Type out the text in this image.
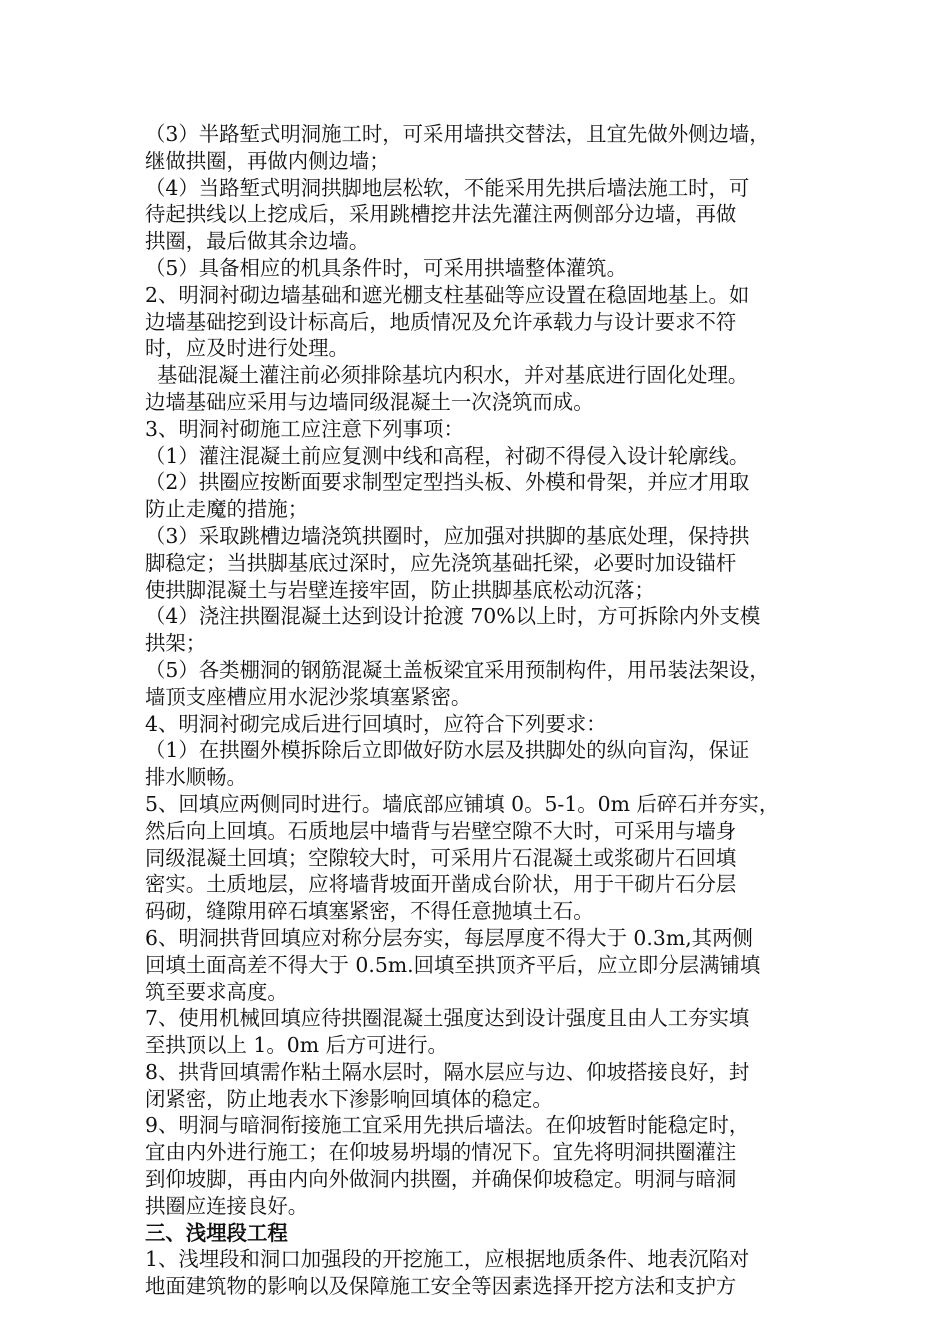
（3）半路堑式明洞施工时，可采用墙拱交替法，且宜先做外侧边墙，

继做拱圈，再做内侧边墙；

（4）当路堑式明洞拱脚地层松软，不能采用先拱后墙法施工时，可

待起拱线以上挖成后，采用跳槽挖井法先灌注两侧部分边墙，再做

拱圈，最后做其余边墙。

（5）具备相应的机具条件时，可采用拱墙整体灌筑。

2、明洞衬砌边墙基础和遮光棚支柱基础等应设置在稳固地基上。如

边墙基础挖到设计标高后，地质情况及允许承载力与设计要求不符

时，应及时进行处理。

基础混凝土灌注前必须排除基坑内积水，并对基底进行固化处理。

边墙基础应采用与边墙同级混凝土一次浇筑而成。

3、明洞衬砌施工应注意下列事项：

（1）灌注混凝土前应复测中线和高程，衬砌不得侵入设计轮廓线。

（2）拱圈应按断面要求制型定型挡头板、外模和骨架，并应才用取

防止走魔的措施；

（3）采取跳槽边墙浇筑拱圈时，应加强对拱脚的基底处理，保持拱

脚稳定；当拱脚基底过深时，应先浇筑基础托梁，必要时加设锚杆

使拱脚混凝土与岩壁连接牢固，防止拱脚基底松动沉落；

（4）浇注拱圈混凝土达到设计抢渡 70%以上时，方可拆除内外支模

拱架；

（5）各类棚洞的钢筋混凝土盖板梁宜采用预制构件，用吊装法架设，

墙顶支座槽应用水泥沙浆填塞紧密。

4、明洞衬砌完成后进行回填时，应符合下列要求：

（1）在拱圈外模拆除后立即做好防水层及拱脚处的纵向盲沟，保证

排水顺畅。

5、回填应两侧同时进行。墙底部应铺填 0。5-1。0m 后碎石并夯实，

然后向上回填。石质地层中墙背与岩壁空隙不大时，可采用与墙身

同级混凝土回填；空隙较大时，可采用片石混凝土或浆砌片石回填

密实。土质地层，应将墙背坡面开凿成台阶状，用于干砌片石分层

码砌，缝隙用碎石填塞紧密，不得任意抛填土石。

6、明洞拱背回填应对称分层夯实，每层厚度不得大于 0.3m,其两侧

回填土面高差不得大于 0.5m.回填至拱顶齐平后，应立即分层满铺填

筑至要求高度。

7、使用机械回填应待拱圈混凝土强度达到设计强度且由人工夯实填

至拱顶以上 1。0m 后方可进行。

8、拱背回填需作粘土隔水层时，隔水层应与边、仰坡搭接良好，封

闭紧密，防止地表水下渗影响回填体的稳定。

9、明洞与暗洞衔接施工宜采用先拱后墙法。在仰坡暂时能稳定时，

宜由内外进行施工；在仰坡易坍塌的情况下。宜先将明洞拱圈灌注

到仰坡脚，再由内向外做洞内拱圈，并确保仰坡稳定。明洞与暗洞

拱圈应连接良好。

三、浅埋段工程

1、浅埋段和洞口加强段的开挖施工，应根据地质条件、地表沉陷对

地面建筑物的影响以及保障施工安全等因素选择开挖方法和支护方
